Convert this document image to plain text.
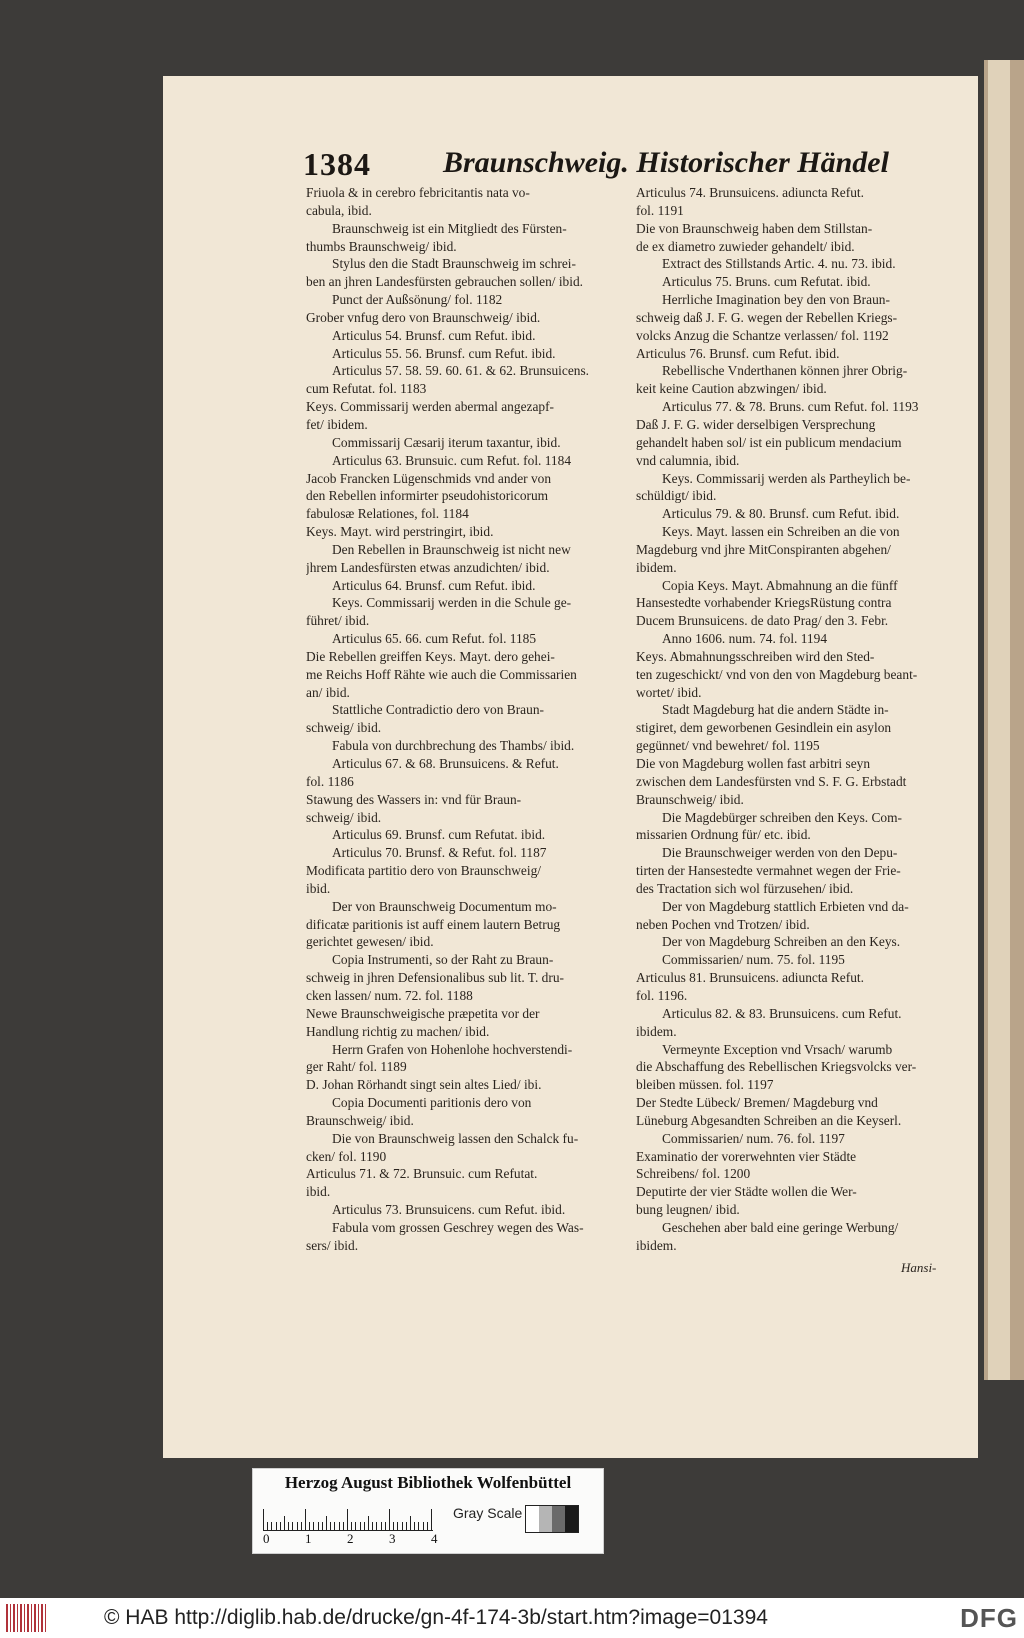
1384 Braunschweig. Historischer Händel
Friuola & in cerebro febricitantis nata vo-
cabula, ibid.
Braunschweig ist ein Mitgliedt des Fürsten-
thumbs Braunschweig/ ibid.
Stylus den die Stadt Braunschweig im schrei-
ben an jhren Landesfürsten gebrauchen sollen/ ibid.
Punct der Außsönung/ fol. 1182
Grober vnfug dero von Braunschweig/ ibid.
Articulus 54. Brunsf. cum Refut. ibid.
Articulus 55. 56. Brunsf. cum Refut. ibid.
Articulus 57. 58. 59. 60. 61. & 62. Brunsuicens.
cum Refutat. fol. 1183
Keys. Commissarij werden abermal angezapf-
fet/ ibidem.
Commissarij Cæsarij iterum taxantur, ibid.
Articulus 63. Brunsuic. cum Refut. fol. 1184
Jacob Francken Lügenschmids vnd ander von
den Rebellen informirter pseudohistoricorum
fabulosæ Relationes, fol. 1184
Keys. Mayt. wird perstringirt, ibid.
Den Rebellen in Braunschweig ist nicht new
jhrem Landesfürsten etwas anzudichten/ ibid.
Articulus 64. Brunsf. cum Refut. ibid.
Keys. Commissarij werden in die Schule ge-
führet/ ibid.
Articulus 65. 66. cum Refut. fol. 1185
Die Rebellen greiffen Keys. Mayt. dero gehei-
me Reichs Hoff Rähte wie auch die Commissarien
an/ ibid.
Stattliche Contradictio dero von Braun-
schweig/ ibid.
Fabula von durchbrechung des Thambs/ ibid.
Articulus 67. & 68. Brunsuicens. & Refut.
fol. 1186
Stawung des Wassers in: vnd für Braun-
schweig/ ibid.
Articulus 69. Brunsf. cum Refutat. ibid.
Articulus 70. Brunsf. & Refut. fol. 1187
Modificata partitio dero von Braunschweig/
ibid.
Der von Braunschweig Documentum mo-
dificatæ paritionis ist auff einem lautern Betrug
gerichtet gewesen/ ibid.
Copia Instrumenti, so der Raht zu Braun-
schweig in jhren Defensionalibus sub lit. T. dru-
cken lassen/ num. 72. fol. 1188
Newe Braunschweigische præpetita vor der
Handlung richtig zu machen/ ibid.
Herrn Grafen von Hohenlohe hochverstendi-
ger Raht/ fol. 1189
D. Johan Rörhandt singt sein altes Lied/ ibi.
Copia Documenti paritionis dero von
Braunschweig/ ibid.
Die von Braunschweig lassen den Schalck fu-
cken/ fol. 1190
Articulus 71. & 72. Brunsuic. cum Refutat.
ibid.
Articulus 73. Brunsuicens. cum Refut. ibid.
Fabula vom grossen Geschrey wegen des Was-
sers/ ibid.
Articulus 74. Brunsuicens. adiuncta Refut.
fol. 1191
Die von Braunschweig haben dem Stillstan-
de ex diametro zuwieder gehandelt/ ibid.
Extract des Stillstands Artic. 4. nu. 73. ibid.
Articulus 75. Bruns. cum Refutat. ibid.
Herrliche Imagination bey den von Braun-
schweig daß J. F. G. wegen der Rebellen Kriegs-
volcks Anzug die Schantze verlassen/ fol. 1192
Articulus 76. Brunsf. cum Refut. ibid.
Rebellische Vnderthanen können jhrer Obrig-
keit keine Caution abzwingen/ ibid.
Articulus 77. & 78. Bruns. cum Refut. fol. 1193
Daß J. F. G. wider derselbigen Versprechung
gehandelt haben sol/ ist ein publicum mendacium
vnd calumnia, ibid.
Keys. Commissarij werden als Partheylich be-
schüldigt/ ibid.
Articulus 79. & 80. Brunsf. cum Refut. ibid.
Keys. Mayt. lassen ein Schreiben an die von
Magdeburg vnd jhre MitConspiranten abgehen/
ibidem.
Copia Keys. Mayt. Abmahnung an die fünff
Hansestedte vorhabender KriegsRüstung contra
Ducem Brunsuicens. de dato Prag/ den 3. Febr.
Anno 1606. num. 74. fol. 1194
Keys. Abmahnungsschreiben wird den Sted-
ten zugeschickt/ vnd von den von Magdeburg beant-
wortet/ ibid.
Stadt Magdeburg hat die andern Städte in-
stigiret, dem geworbenen Gesindlein ein asylon
gegünnet/ vnd bewehret/ fol. 1195
Die von Magdeburg wollen fast arbitri seyn
zwischen dem Landesfürsten vnd S. F. G. Erbstadt
Braunschweig/ ibid.
Die Magdebürger schreiben den Keys. Com-
missarien Ordnung für/ etc. ibid.
Die Braunschweiger werden von den Depu-
tirten der Hansestedte vermahnet wegen der Frie-
des Tractation sich wol fürzusehen/ ibid.
Der von Magdeburg stattlich Erbieten vnd da-
neben Pochen vnd Trotzen/ ibid.
Der von Magdeburg Schreiben an den Keys.
Commissarien/ num. 75. fol. 1195
Articulus 81. Brunsuicens. adiuncta Refut.
fol. 1196.
Articulus 82. & 83. Brunsuicens. cum Refut.
ibidem.
Vermeynte Exception vnd Vrsach/ warumb
die Abschaffung des Rebellischen Kriegsvolcks ver-
bleiben müssen. fol. 1197
Der Stedte Lübeck/ Bremen/ Magdeburg vnd
Lüneburg Abgesandten Schreiben an die Keyserl.
Commissarien/ num. 76. fol. 1197
Examinatio der vorerwehnten vier Städte
Schreibens/ fol. 1200
Deputirte der vier Städte wollen die Wer-
bung leugnen/ ibid.
Geschehen aber bald eine geringe Werbung/
ibidem.
Hansi-
Herzog August Bibliothek Wolfenbüttel
0	1	2	3	4
Gray Scale
© HAB http://diglib.hab.de/drucke/gn-4f-174-3b/start.htm?image=01394	DFG
